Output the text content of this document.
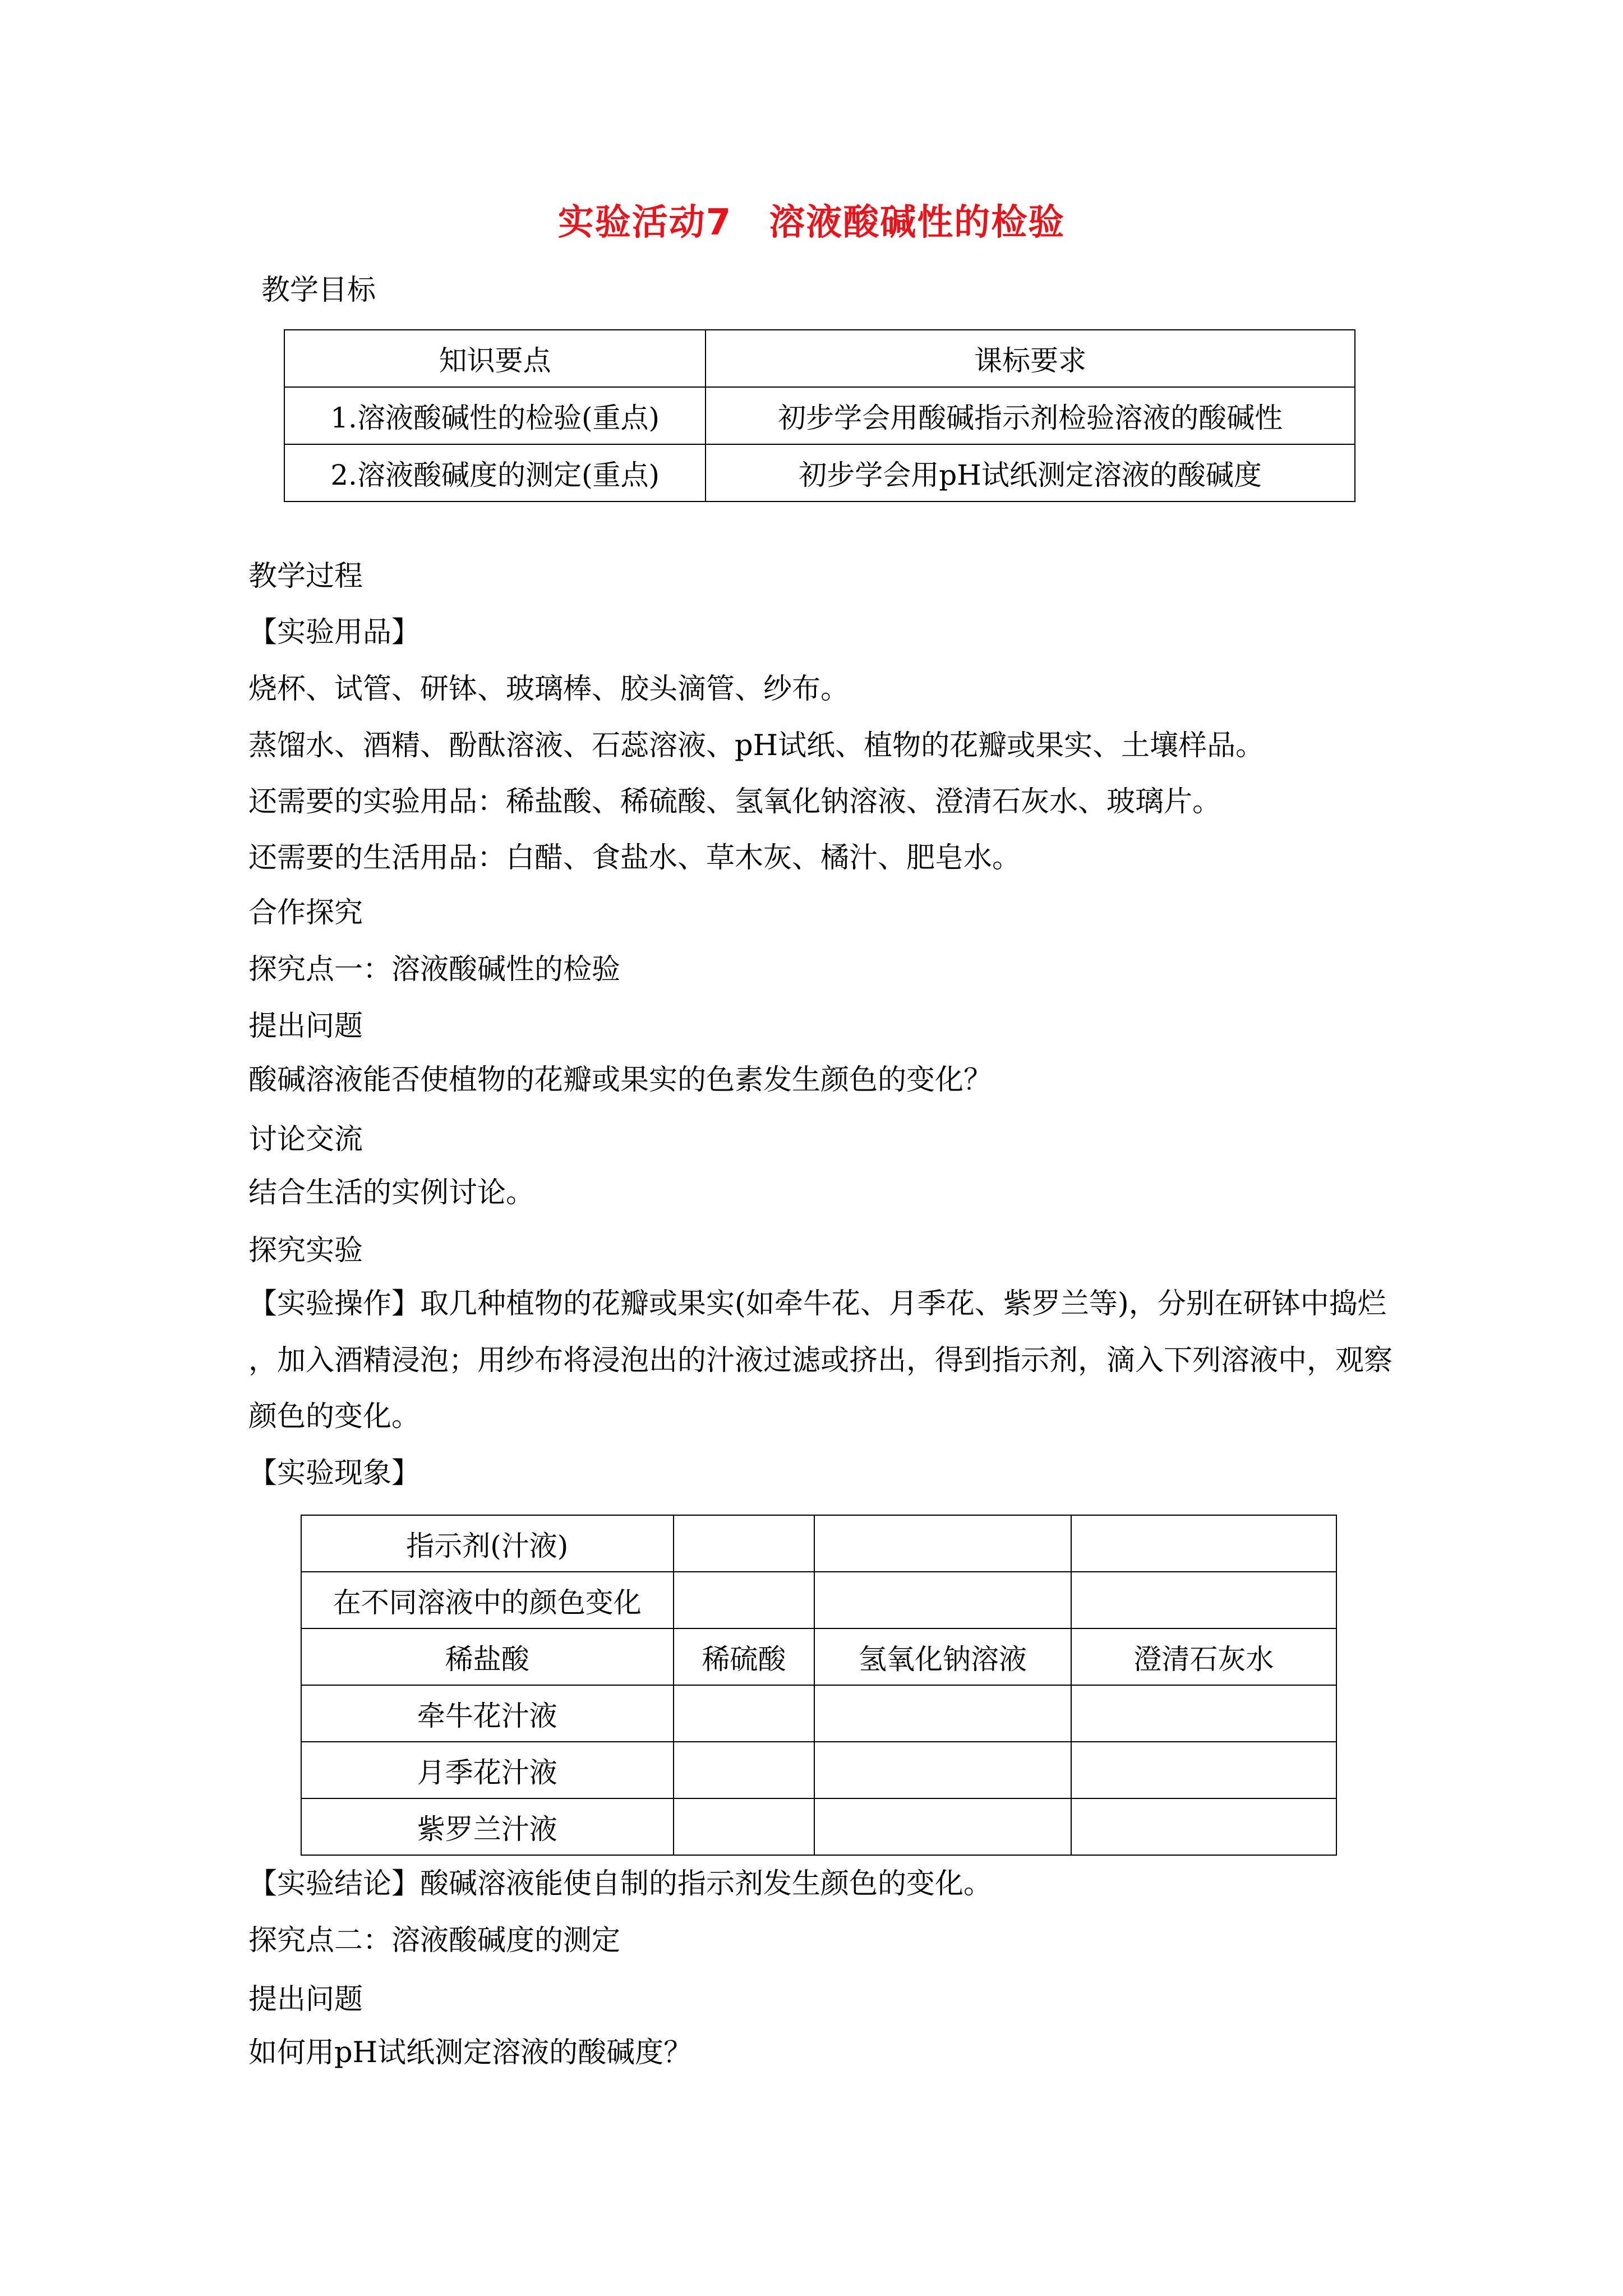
实验活动7　溶液酸碱性的检验
教学目标
知识要点	课标要求
1.溶液酸碱性的检验(重点)	初步学会用酸碱指示剂检验溶液的酸碱性
2.溶液酸碱度的测定(重点)	初步学会用pH试纸测定溶液的酸碱度
教学过程
【实验用品】
烧杯、试管、研钵、玻璃棒、胶头滴管、纱布。
蒸馏水、酒精、酚酞溶液、石蕊溶液、pH试纸、植物的花瓣或果实、土壤样品。
还需要的实验用品：稀盐酸、稀硫酸、氢氧化钠溶液、澄清石灰水、玻璃片。
还需要的生活用品：白醋、食盐水、草木灰、橘汁、肥皂水。
合作探究
探究点一：溶液酸碱性的检验
提出问题
酸碱溶液能否使植物的花瓣或果实的色素发生颜色的变化？
讨论交流
结合生活的实例讨论。
探究实验
【实验操作】取几种植物的花瓣或果实(如牵牛花、月季花、紫罗兰等)，分别在研钵中捣烂
，加入酒精浸泡；用纱布将浸泡出的汁液过滤或挤出，得到指示剂，滴入下列溶液中，观察
颜色的变化。
【实验现象】
指示剂(汁液)			
在不同溶液中的颜色变化			
稀盐酸	稀硫酸	氢氧化钠溶液	澄清石灰水
牵牛花汁液			
月季花汁液			
紫罗兰汁液			
【实验结论】酸碱溶液能使自制的指示剂发生颜色的变化。
探究点二：溶液酸碱度的测定
提出问题
如何用pH试纸测定溶液的酸碱度？
